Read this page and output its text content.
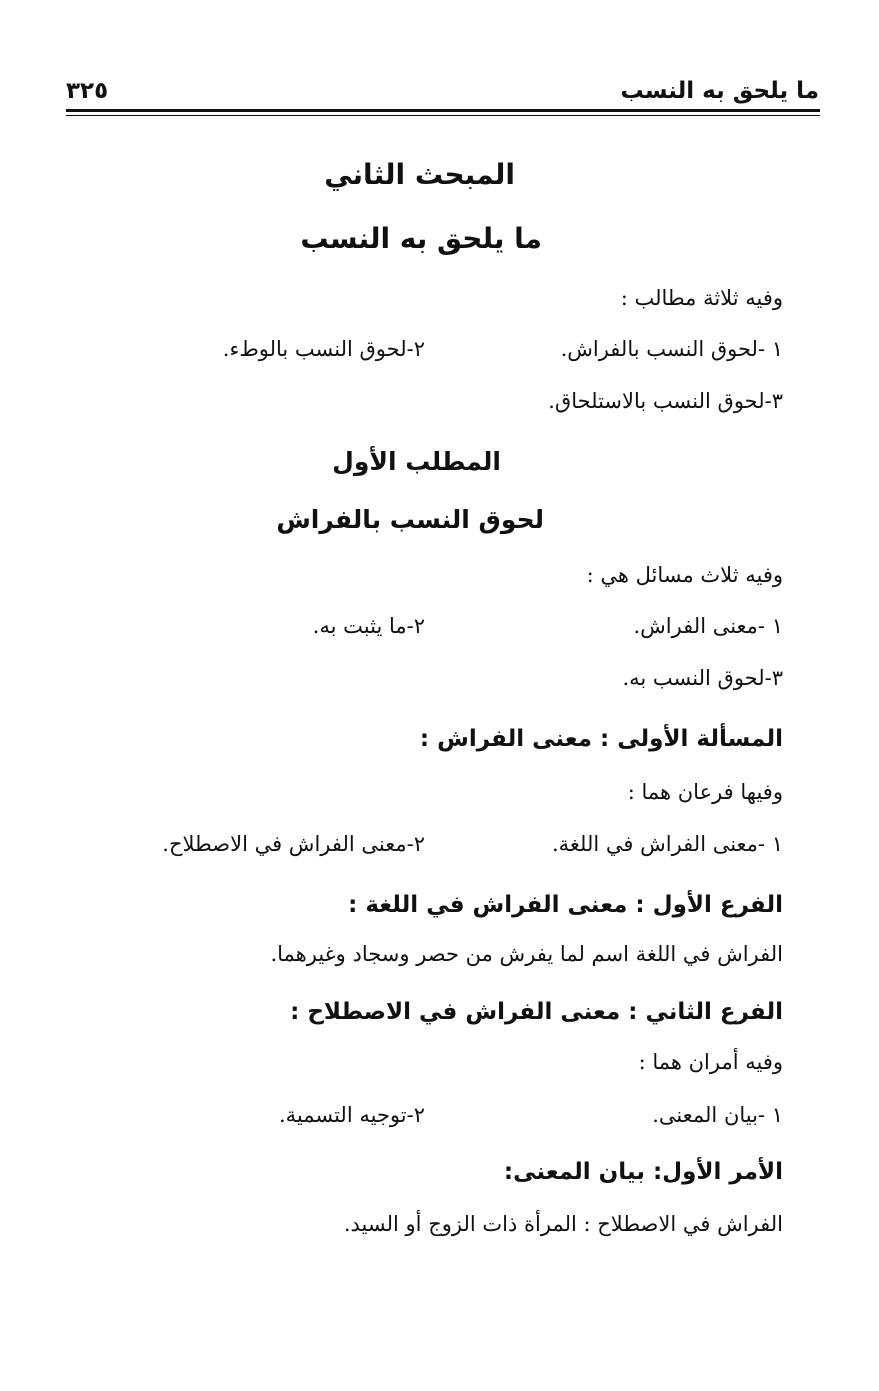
ما يلحق به النسب
٣٢٥
المبحث الثاني
ما يلحق به النسب
وفيه ثلاثة مطالب :
١ -لحوق النسب بالفراش.
٢-لحوق النسب بالوطء.
٣-لحوق النسب بالاستلحاق.
المطلب الأول
لحوق النسب بالفراش
وفيه ثلاث مسائل هي :
١ -معنى الفراش.
٢-ما يثبت به.
٣-لحوق النسب به.
المسألة الأولى : معنى الفراش :
وفيها فرعان هما :
١ -معنى الفراش في اللغة.
٢-معنى الفراش في الاصطلاح.
الفرع الأول : معنى الفراش في اللغة :
الفراش في اللغة اسم لما يفرش من حصر وسجاد وغيرهما.
الفرع الثاني : معنى الفراش في الاصطلاح :
وفيه أمران هما :
١ -بيان المعنى.
٢-توجيه التسمية.
الأمر الأول: بيان المعنى:
الفراش في الاصطلاح : المرأة ذات الزوج أو السيد.
